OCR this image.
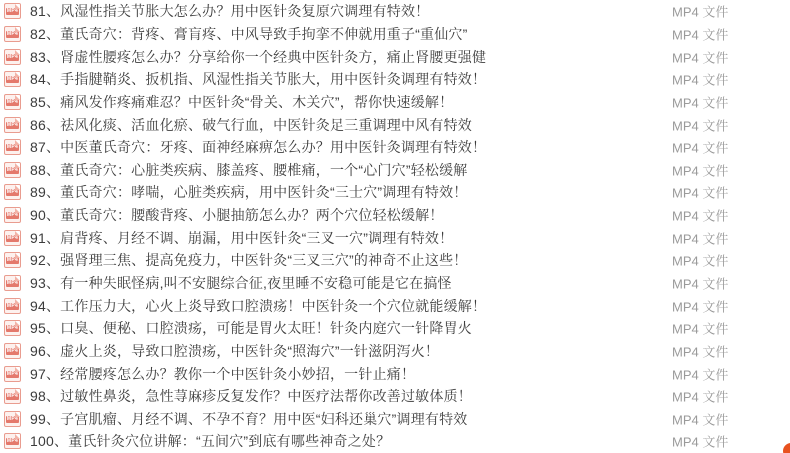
MP4 81、风湿性指关节胀大怎么办？用中医针灸复原穴调理有特效！	MP4 文件
MP4 82、董氏奇穴：背疼、膏肓疼、中风导致手拘挛不伸就用重子“重仙穴”	MP4 文件
MP4 83、肾虚性腰疼怎么办？分享给你一个经典中医针灸方，痛止肾腰更强健	MP4 文件
MP4 84、手指腱鞘炎、扳机指、风湿性指关节胀大，用中医针灸调理有特效！	MP4 文件
MP4 85、痛风发作疼痛难忍？中医针灸“骨关、木关穴”，帮你快速缓解！	MP4 文件
MP4 86、祛风化痰、活血化瘀、破气行血，中医针灸足三重调理中风有特效	MP4 文件
MP4 87、中医董氏奇穴：牙疼、面神经麻痹怎么办？用中医针灸调理有特效！	MP4 文件
MP4 88、董氏奇穴：心脏类疾病、膝盖疼、腰椎痛，一个“心门穴”轻松缓解	MP4 文件
MP4 89、董氏奇穴：哮喘，心脏类疾病，用中医针灸“三士穴”调理有特效！	MP4 文件
MP4 90、董氏奇穴：腰酸背疼、小腿抽筋怎么办？两个穴位轻松缓解！	MP4 文件
MP4 91、肩背疼、月经不调、崩漏，用中医针灸“三叉一穴”调理有特效！	MP4 文件
MP4 92、强肾理三焦、提高免疫力，中医针灸“三叉三穴”的神奇不止这些！	MP4 文件
MP4 93、有一种失眠怪病,叫不安腿综合征,夜里睡不安稳可能是它在搞怪	MP4 文件
MP4 94、工作压力大，心火上炎导致口腔溃疡！中医针灸一个穴位就能缓解！	MP4 文件
MP4 95、口臭、便秘、口腔溃疡，可能是胃火太旺！针灸内庭穴一针降胃火	MP4 文件
MP4 96、虚火上炎，导致口腔溃疡，中医针灸“照海穴”一针滋阴泻火！	MP4 文件
MP4 97、经常腰疼怎么办？教你一个中医针灸小妙招，一针止痛！	MP4 文件
MP4 98、过敏性鼻炎，急性荨麻疹反复发作？中医疗法帮你改善过敏体质！	MP4 文件
MP4 99、子宫肌瘤、月经不调、不孕不育？用中医“妇科还巢穴”调理有特效	MP4 文件
MP4 100、董氏针灸穴位讲解：“五间穴”到底有哪些神奇之处？	MP4 文件
